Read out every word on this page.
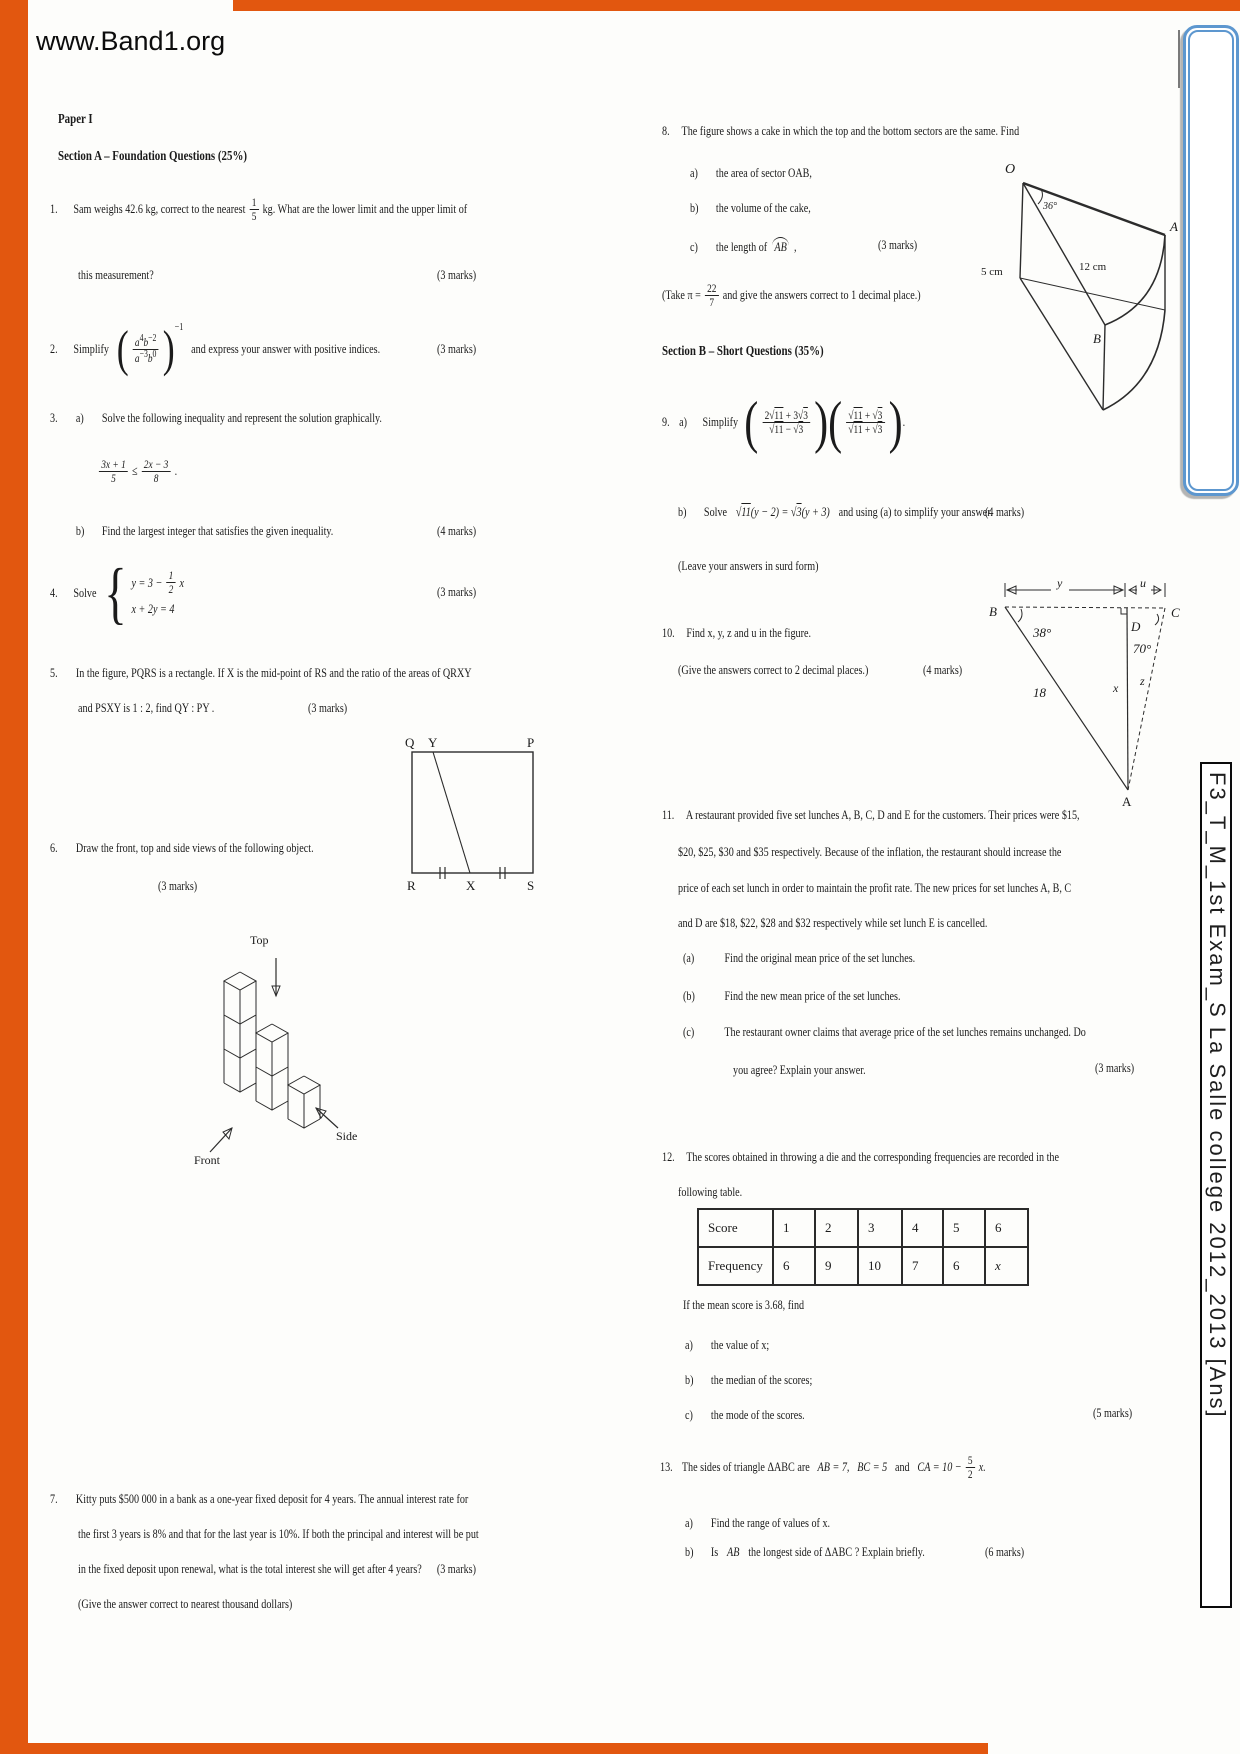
www.Band1.org
Paper I
Section A – Foundation Questions (25%)
1.	Sam weighs 42.6 kg, correct to the nearest $\frac{1}{5}$ kg. What are the lower limit and the upper limit of
this measurement?	(3 marks)
2.	Simplify ( $\frac{a^4b^{-2}}{a^{-3}b^0}$ ) −1
and express your answer with positive indices.	(3 marks)
3. a) Solve the following inequality and represent the solution graphically.
$\frac{3x + 1}{5} \le \frac{2x - 3}{8}$ .
b) Find the largest integer that satisfies the given inequality.	(4 marks)
4.	Solve { $y = 3 - \frac{1}{2}$ x
x + 2y = 4
(3 marks)
5. In the figure, PQRS is a rectangle. If X is the mid-point of RS and the ratio of the areas of QRXY
and PSXY is 1 : 2, find QY : PY .	(3 marks)
Q Y	P
R	X	S
6. Draw the front, top and side views of the following object.
(3 marks)
Top
Side
Front
7. Kitty puts $500 000 in a bank as a one-year fixed deposit for 4 years. The annual interest rate for
the first 3 years is 8% and that for the last year is 10%. If both the principal and interest will be put
in the fixed deposit upon renewal, what is the total interest she will get after 4 years? (3 marks)
(Give the answer correct to nearest thousand dollars)
8. The figure shows a cake in which the top and the bottom sectors are the same. Find
a) the area of sector OAB,
b) the volume of the cake,
c) the length of AB ,	(3 marks)
(Take $\pi = \frac{22}{7}$ and give the answers correct to 1 decimal place.)
O
36°
5 cm	12 cm
A
B
Section B – Short Questions (35%)
9. a)	Simplify ( $\frac{2√11 + 3√3}{√11 - √3}$ ) ( $\frac{√11 + √3}{√11 + √3}$ ) .
b) Solve √11(y − 2) = √3(y + 3) and using (a) to simplify your answer.
(4 marks)
(Leave your answers in surd form)
10. Find x, y, z and u in the figure.
(Give the answers correct to 2 decimal places.)	(4 marks)
B	C
D
A
y	u
38°
70°
18	x z
11. A restaurant provided five set lunches A, B, C, D and E for the customers. Their prices were $15,
$20, $25, $30 and $35 respectively. Because of the inflation, the restaurant should increase the
price of each set lunch in order to maintain the profit rate. The new prices for set lunches A, B, C
and D are $18, $22, $28 and $32 respectively while set lunch E is cancelled.
(a) Find the original mean price of the set lunches.
(b) Find the new mean price of the set lunches.
(c) The restaurant owner claims that average price of the set lunches remains unchanged. Do
you agree? Explain your answer.	(3 marks)
12. The scores obtained in throwing a die and the corresponding frequencies are recorded in the
following table.
Score	1	2	3	4	5	6
Frequency	6	9	10	7	6	x
If the mean score is 3.68, find
a) the value of x;
b) the median of the scores;
c) the mode of the scores.	(5 marks)
13. The sides of triangle ΔABC are AB = 7, BC = 5 and CA = $10 - \frac{5}{2} x$.
a) Find the range of values of x.
b) Is AB the longest side of ΔABC ? Explain briefly.	(6 marks)
F3_T_M_1st Exam_S La Salle college 2012_2013 [Ans]
